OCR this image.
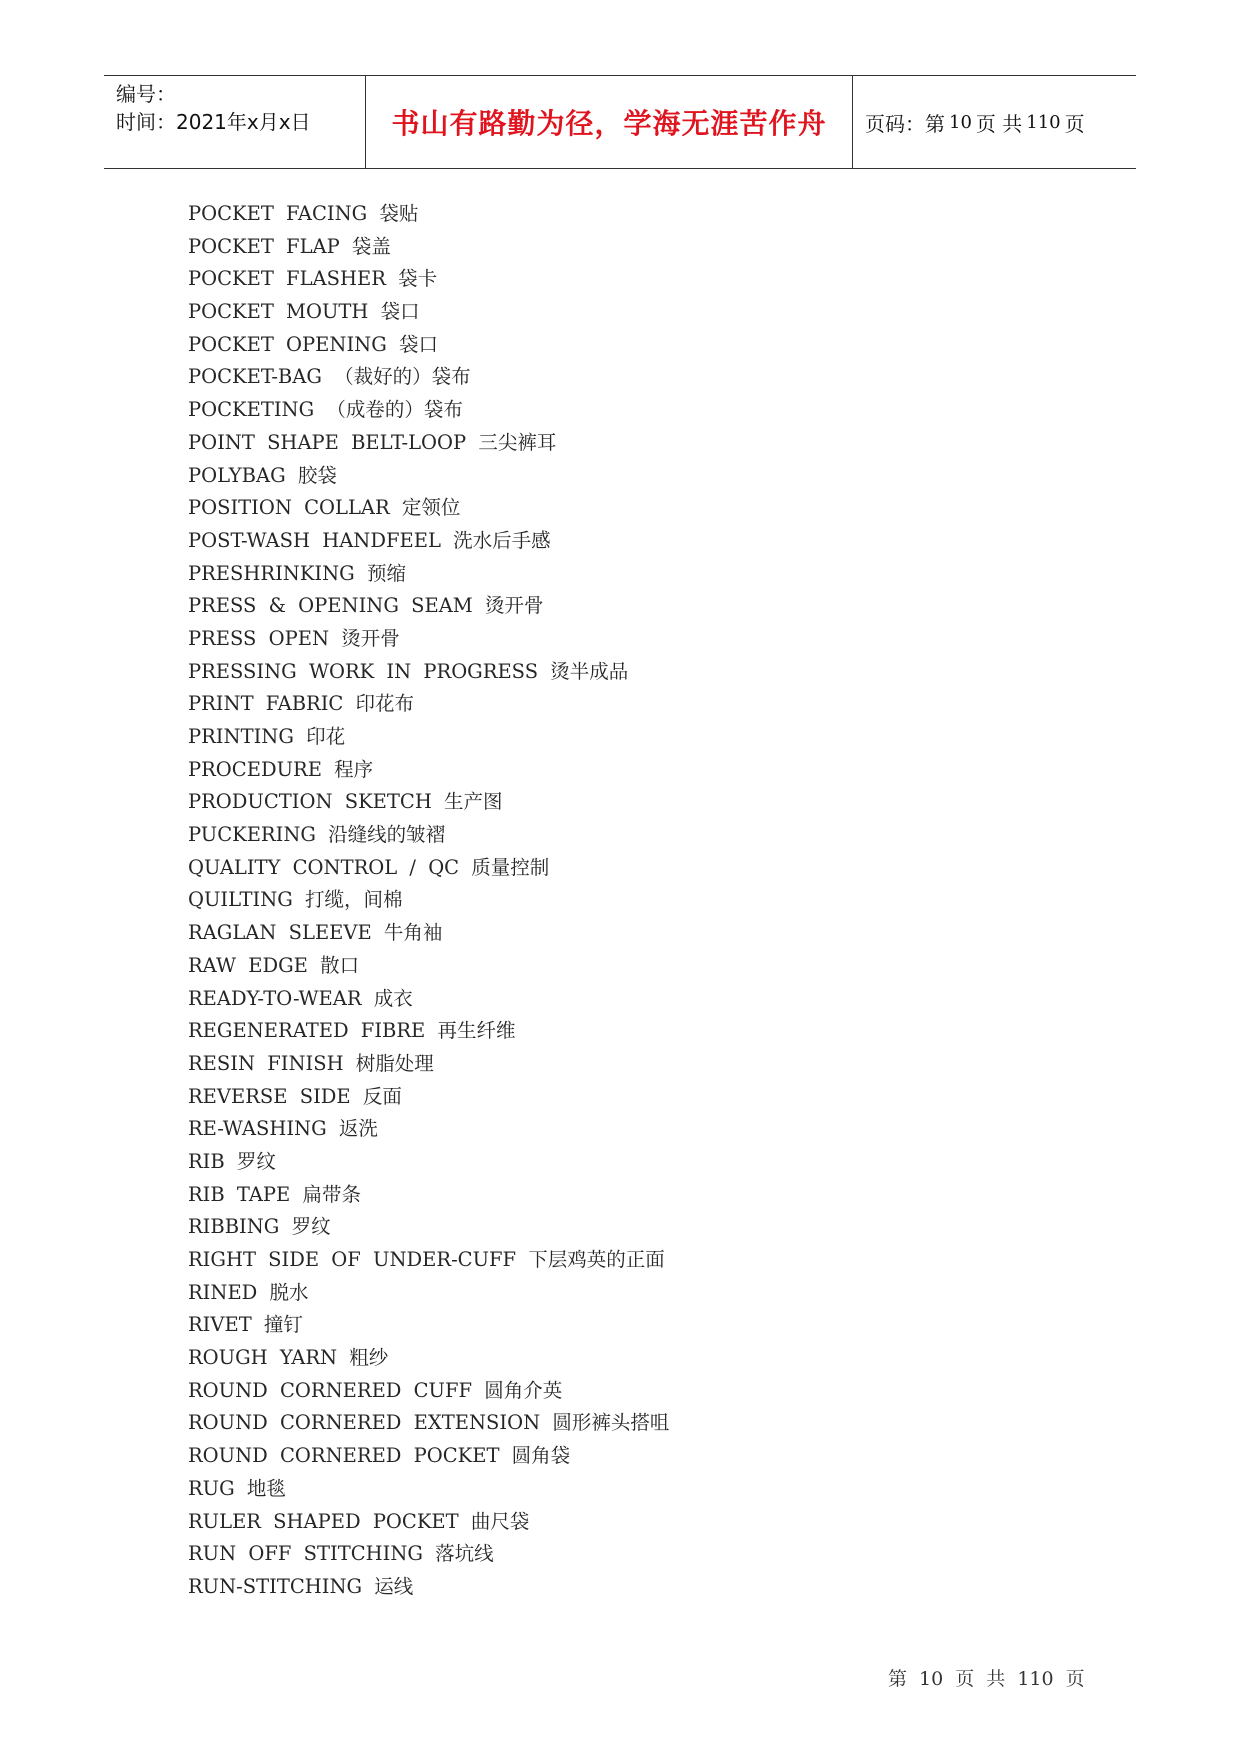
编号：
时间：2021年x月x日	书山有路勤为径，学海无涯苦作舟	页码：第 10 页 共 110 页
POCKET FACING 袋贴
POCKET FLAP 袋盖
POCKET FLASHER 袋卡
POCKET MOUTH 袋口
POCKET OPENING 袋口
POCKET-BAG （裁好的）袋布
POCKETING （成卷的）袋布
POINT SHAPE BELT-LOOP 三尖裤耳
POLYBAG 胶袋
POSITION COLLAR 定领位
POST-WASH HANDFEEL 洗水后手感
PRESHRINKING 预缩
PRESS & OPENING SEAM 烫开骨
PRESS OPEN 烫开骨
PRESSING WORK IN PROGRESS 烫半成品
PRINT FABRIC 印花布
PRINTING 印花
PROCEDURE 程序
PRODUCTION SKETCH 生产图
PUCKERING 沿缝线的皱褶
QUALITY CONTROL / QC 质量控制
QUILTING 打缆，间棉
RAGLAN SLEEVE 牛角袖
RAW EDGE 散口
READY-TO-WEAR 成衣
REGENERATED FIBRE 再生纤维
RESIN FINISH 树脂处理
REVERSE SIDE 反面
RE-WASHING 返洗
RIB 罗纹
RIB TAPE 扁带条
RIBBING 罗纹
RIGHT SIDE OF UNDER-CUFF 下层鸡英的正面
RINED 脱水
RIVET 撞钉
ROUGH YARN 粗纱
ROUND CORNERED CUFF 圆角介英
ROUND CORNERED EXTENSION 圆形裤头搭咀
ROUND CORNERED POCKET 圆角袋
RUG 地毯
RULER SHAPED POCKET 曲尺袋
RUN OFF STITCHING 落坑线
RUN-STITCHING 运线
第 10 页 共 110 页
